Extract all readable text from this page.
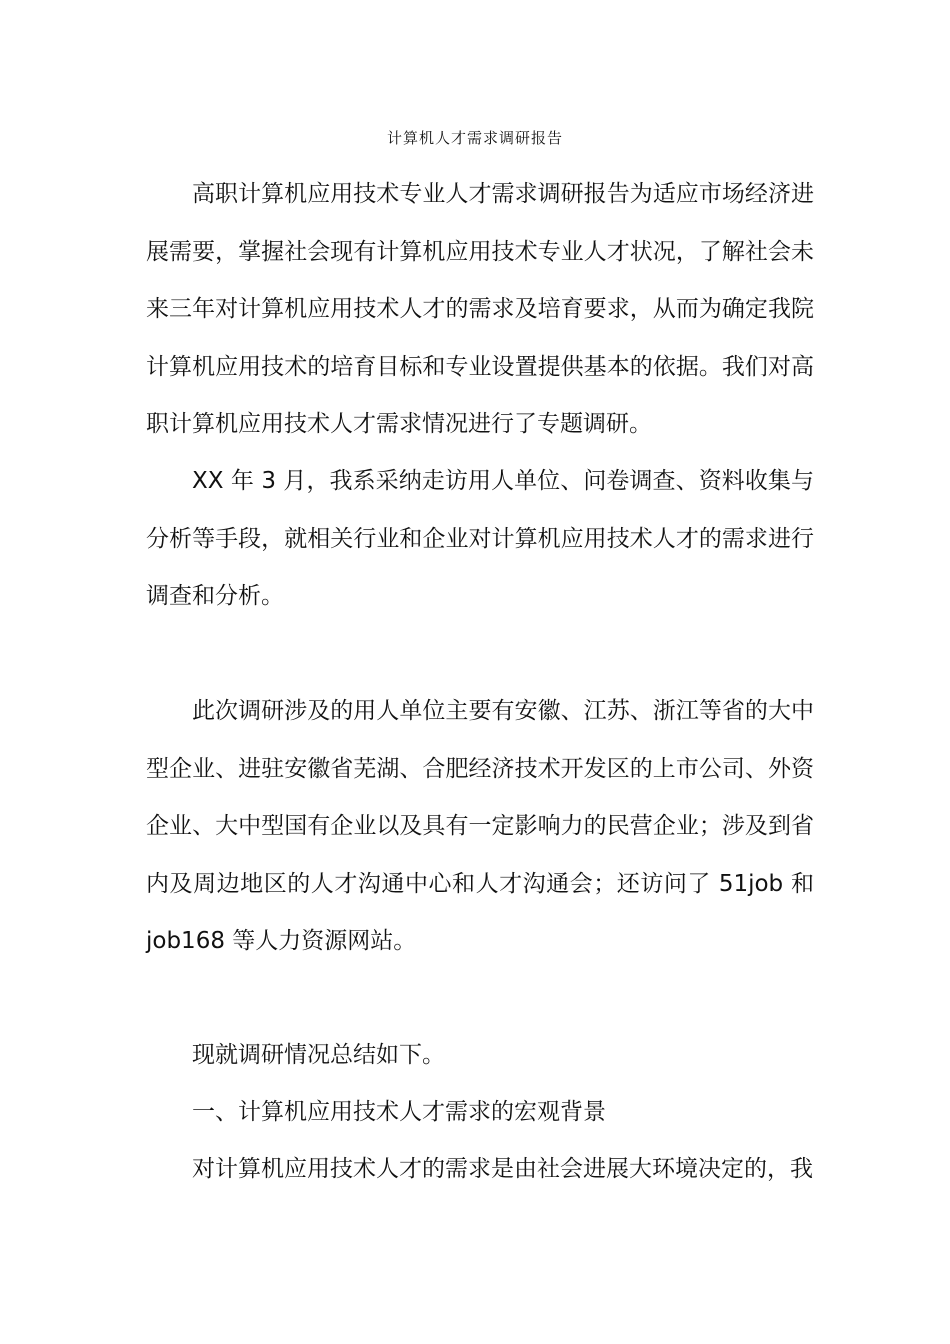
计算机人才需求调研报告

高职计算机应用技术专业人才需求调研报告为适应市场经济进展需要，掌握社会现有计算机应用技术专业人才状况，了解社会未来三年对计算机应用技术人才的需求及培育要求，从而为确定我院计算机应用技术的培育目标和专业设置提供基本的依据。我们对高职计算机应用技术人才需求情况进行了专题调研。

XX 年 3 月，我系采纳走访用人单位、问卷调查、资料收集与分析等手段，就相关行业和企业对计算机应用技术人才的需求进行调查和分析。

此次调研涉及的用人单位主要有安徽、江苏、浙江等省的大中型企业、进驻安徽省芜湖、合肥经济技术开发区的上市公司、外资企业、大中型国有企业以及具有一定影响力的民营企业；涉及到省内及周边地区的人才沟通中心和人才沟通会；还访问了 51job 和 job168 等人力资源网站。

现就调研情况总结如下。

一、计算机应用技术人才需求的宏观背景

对计算机应用技术人才的需求是由社会进展大环境决定的，我
